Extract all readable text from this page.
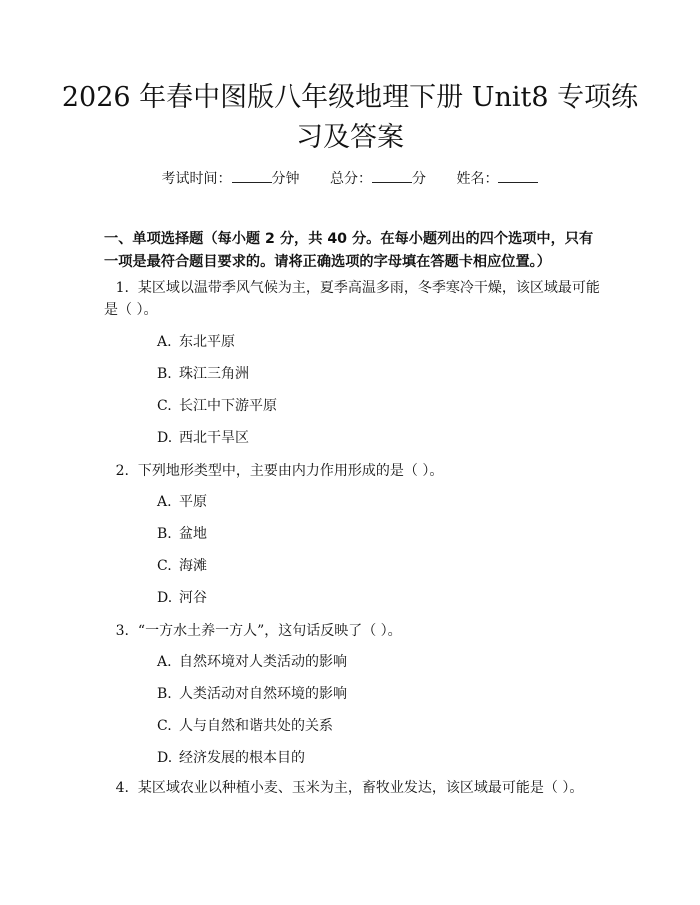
2026 年春中图版八年级地理下册 Unit8 专项练习及答案
考试时间：	分钟 总分：	分 姓名：

一、单项选择题（每小题 2 分，共 40 分。在每小题列出的四个选项中，只有一项是最符合题目要求的。请将正确选项的字母填在答题卡相应位置。）

1. 某区域以温带季风气候为主，夏季高温多雨，冬季寒冷干燥，该区域最可能是（ ）。

A. 东北平原
B. 珠江三角洲
C. 长江中下游平原
D. 西北干旱区

2. 下列地形类型中，主要由内力作用形成的是（ ）。

A. 平原
B. 盆地
C. 海滩
D. 河谷

3. “一方水土养一方人”，这句话反映了（ ）。

A. 自然环境对人类活动的影响
B. 人类活动对自然环境的影响
C. 人与自然和谐共处的关系
D. 经济发展的根本目的

4. 某区域农业以种植小麦、玉米为主，畜牧业发达，该区域最可能是（ ）。
